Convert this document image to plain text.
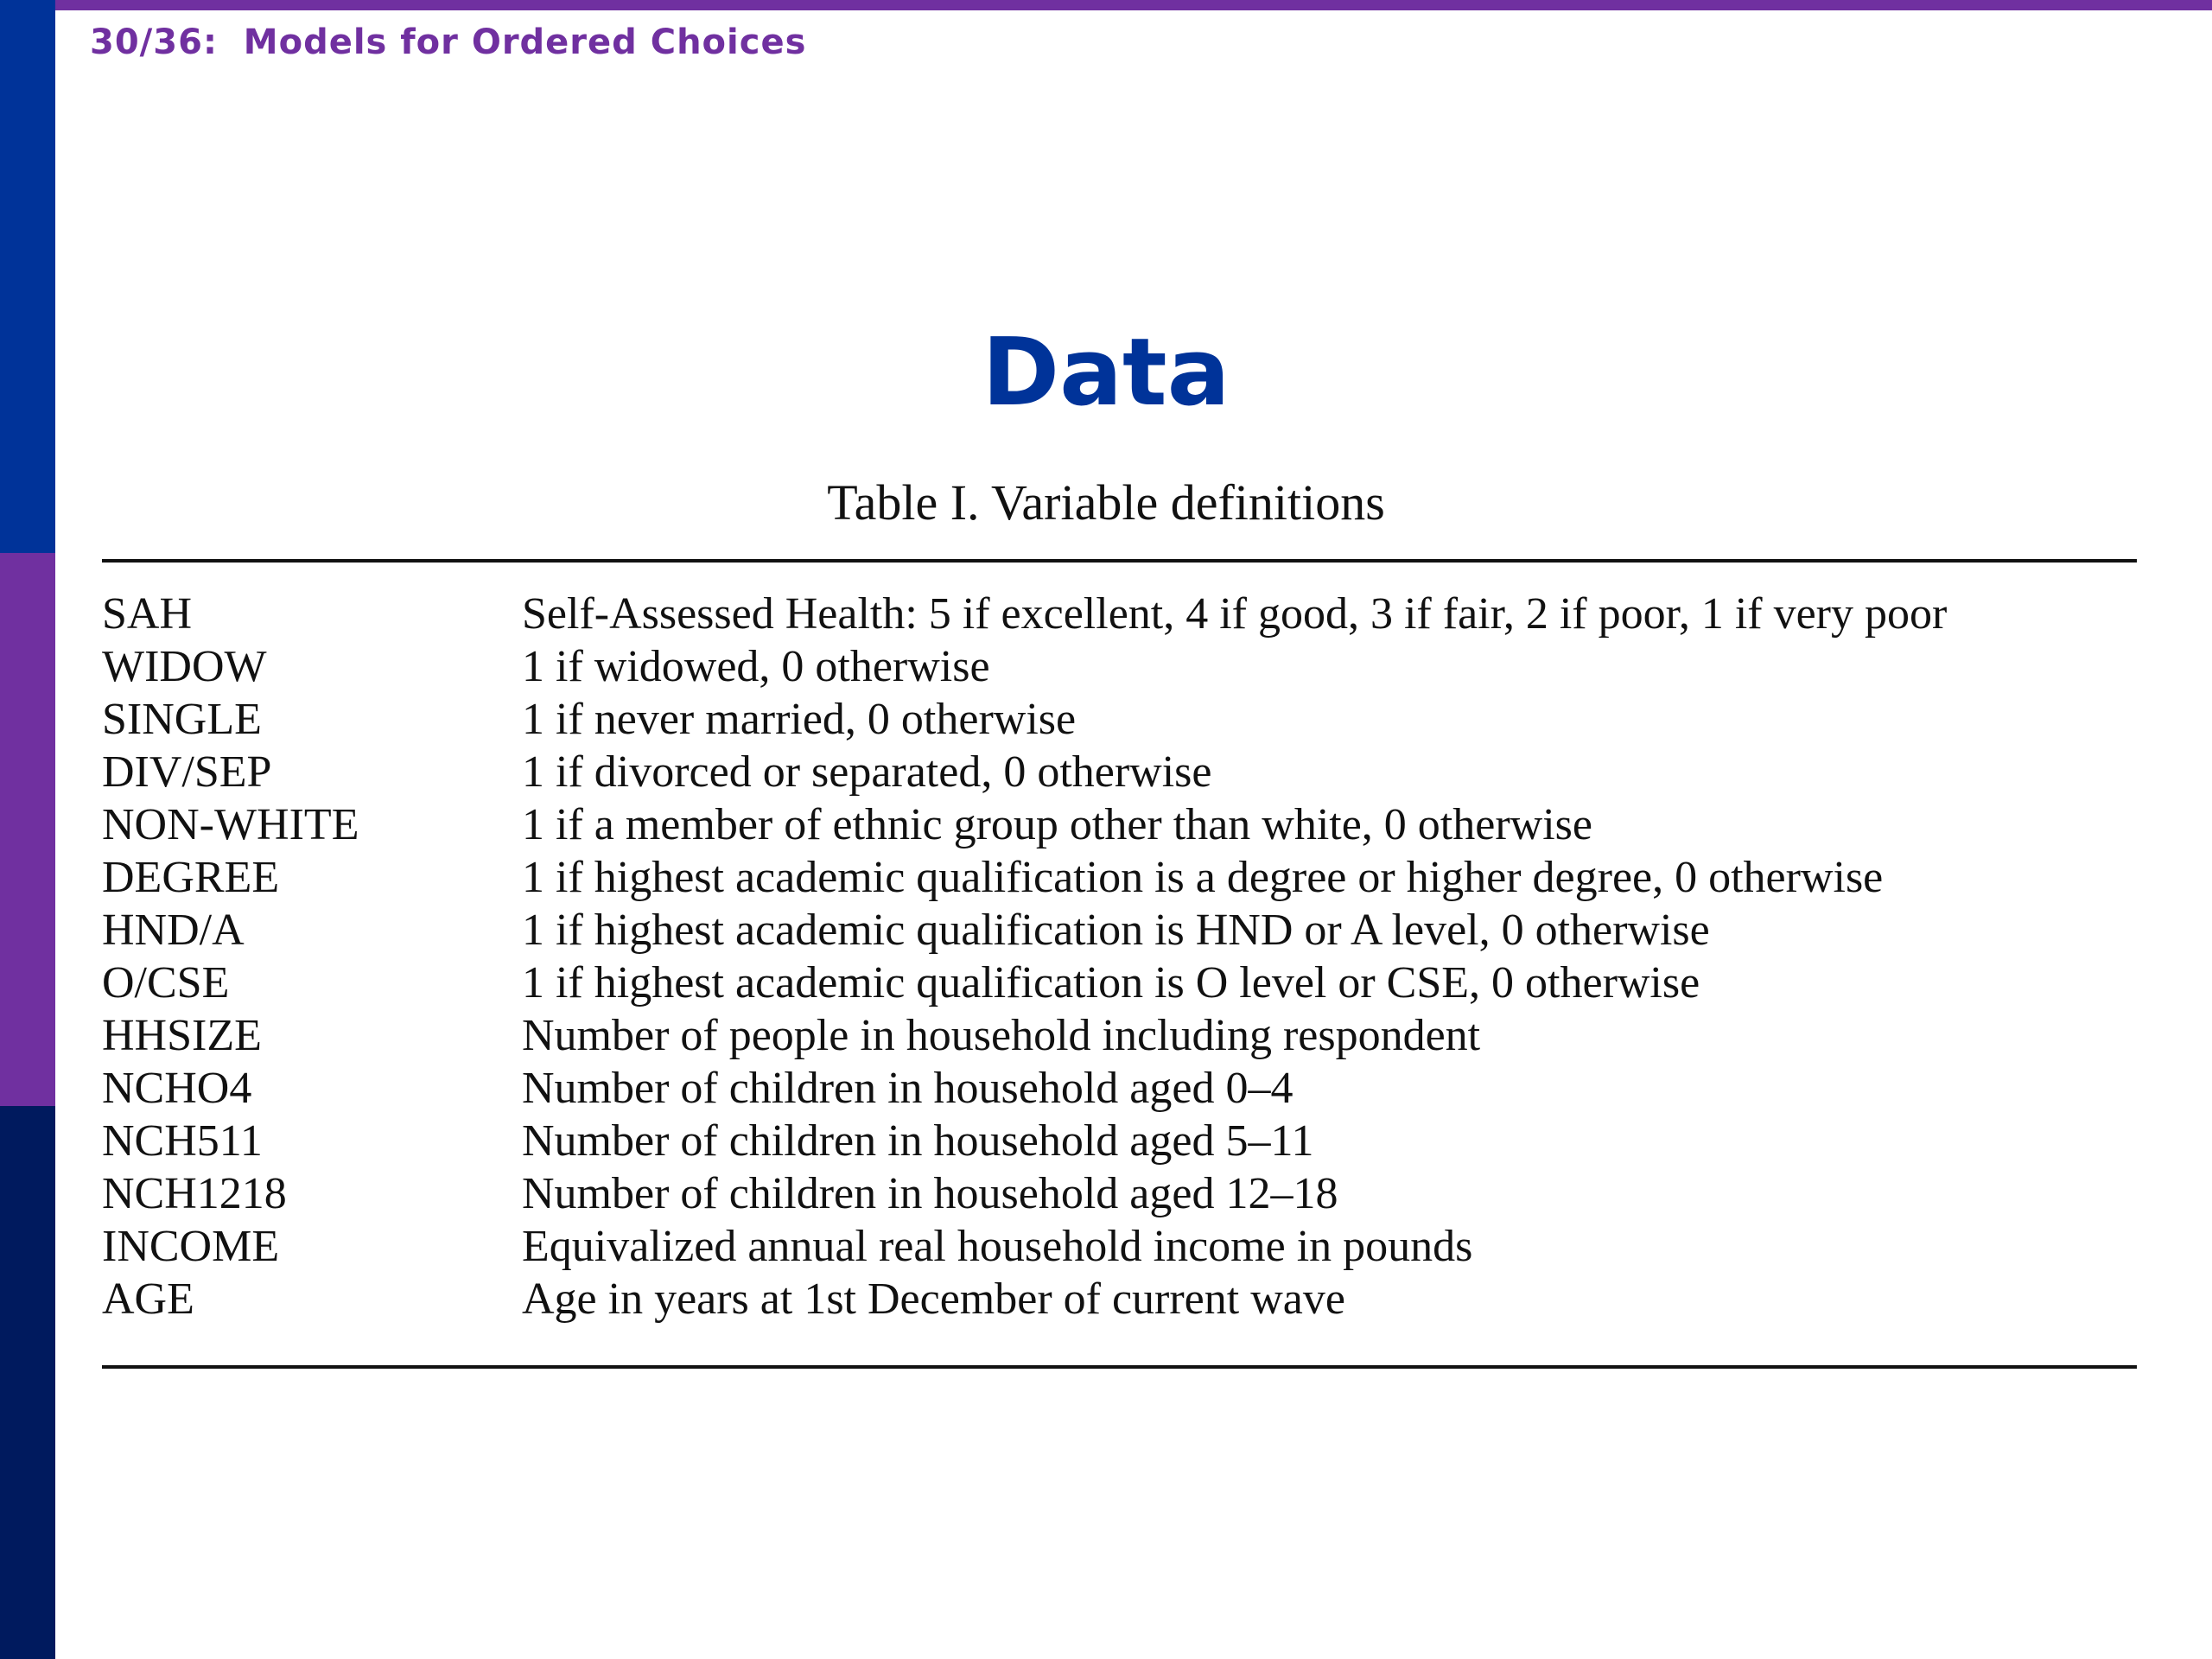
30/36:  Models for Ordered Choices
Data
Table I. Variable definitions
SAH	Self-Assessed Health: 5 if excellent, 4 if good, 3 if fair, 2 if poor, 1 if very poor
WIDOW	1 if widowed, 0 otherwise
SINGLE	1 if never married, 0 otherwise
DIV/SEP	1 if divorced or separated, 0 otherwise
NON-WHITE	1 if a member of ethnic group other than white, 0 otherwise
DEGREE	1 if highest academic qualification is a degree or higher degree, 0 otherwise
HND/A	1 if highest academic qualification is HND or A level, 0 otherwise
O/CSE	1 if highest academic qualification is O level or CSE, 0 otherwise
HHSIZE	Number of people in household including respondent
NCHO4	Number of children in household aged 0–4
NCH511	Number of children in household aged 5–11
NCH1218	Number of children in household aged 12–18
INCOME	Equivalized annual real household income in pounds
AGE	Age in years at 1st December of current wave
